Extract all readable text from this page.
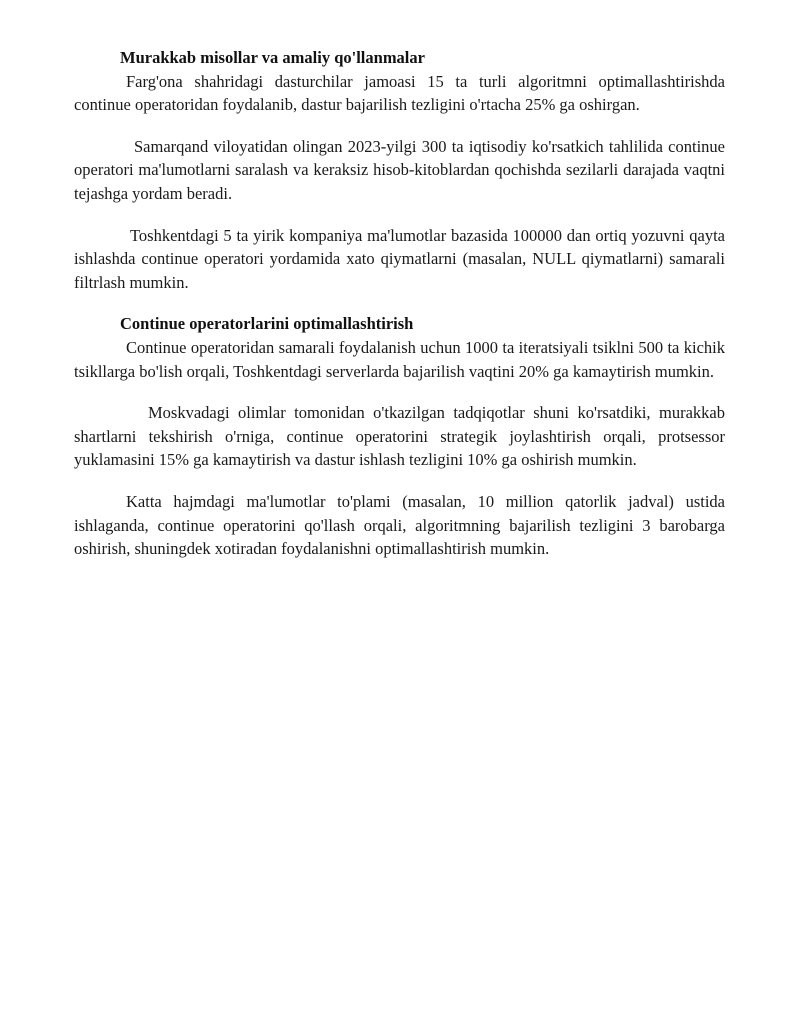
Murakkab misollar va amaliy qo'llanmalar

Farg'ona shahridagi dasturchilar jamoasi 15 ta turli algoritmni optimallashtirishda continue operatoridan foydalanib, dastur bajarilish tezligini o'rtacha 25% ga oshirgan.

Samarqand viloyatidan olingan 2023-yilgi 300 ta iqtisodiy ko'rsatkich tahlilida continue operatori ma'lumotlarni saralash va keraksiz hisob-kitoblardan qochishda sezilarli darajada vaqtni tejashga yordam beradi.

Toshkentdagi 5 ta yirik kompaniya ma'lumotlar bazasida 100000 dan ortiq yozuvni qayta ishlashda continue operatori yordamida xato qiymatlarni (masalan, NULL qiymatlarni) samarali filtrlash mumkin.

Continue operatorlarini optimallashtirish

Continue operatoridan samarali foydalanish uchun 1000 ta iteratsiyali tsiklni 500 ta kichik tsikllarga bo'lish orqali, Toshkentdagi serverlarda bajarilish vaqtini 20% ga kamaytirish mumkin.

Moskvadagi olimlar tomonidan o'tkazilgan tadqiqotlar shuni ko'rsatdiki, murakkab shartlarni tekshirish o'rniga, continue operatorini strategik joylashtirish orqali, protsessor yuklamasini 15% ga kamaytirish va dastur ishlash tezligini 10% ga oshirish mumkin.

Katta hajmdagi ma'lumotlar to'plami (masalan, 10 million qatorlik jadval) ustida ishlaganda, continue operatorini qo'llash orqali, algoritmning bajarilish tezligini 3 barobarga oshirish, shuningdek xotiradan foydalanishni optimallashtirish mumkin.
